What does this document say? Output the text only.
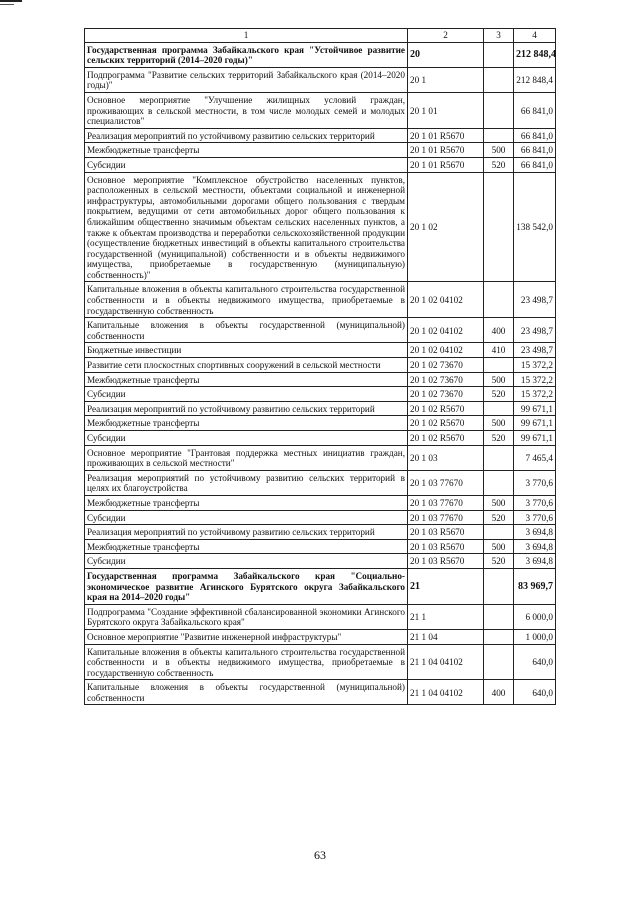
1	2	3	4
Государственная программа Забайкальского края "Устойчивое развитие сельских территорий (2014–2020 годы)"	20		212 848,4
Подпрограмма "Развитие сельских территорий Забайкальского края (2014–2020 годы)"	20 1		212 848,4
Основное мероприятие "Улучшение жилищных условий граждан, проживающих в сельской местности, в том числе молодых семей и молодых специалистов"	20 1 01		66 841,0
Реализация мероприятий по устойчивому развитию сельских территорий	20 1 01 R5670		66 841,0
Межбюджетные трансферты	20 1 01 R5670	500	66 841,0
Субсидии	20 1 01 R5670	520	66 841,0
Основное мероприятие "Комплексное обустройство населенных пунктов, расположенных в сельской местности, объектами социальной и инженерной инфраструктуры, автомобильными дорогами общего пользования с твердым покрытием, ведущими от сети автомобильных дорог общего пользования к ближайшим общественно значимым объектам сельских населенных пунктов, а также к объектам производства и переработки сельскохозяйственной продукции (осуществление бюджетных инвестиций в объекты капитального строительства государственной (муниципальной) собственности и в объекты недвижимого имущества, приобретаемые в государственную (муниципальную) собственность)"	20 1 02		138 542,0
Капитальные вложения в объекты капитального строительства государственной собственности и в объекты недвижимого имущества, приобретаемые в государственную собственность	20 1 02 04102		23 498,7
Капитальные вложения в объекты государственной (муниципальной) собственности	20 1 02 04102	400	23 498,7
Бюджетные инвестиции	20 1 02 04102	410	23 498,7
Развитие сети плоскостных спортивных сооружений в сельской местности	20 1 02 73670		15 372,2
Межбюджетные трансферты	20 1 02 73670	500	15 372,2
Субсидии	20 1 02 73670	520	15 372,2
Реализация мероприятий по устойчивому развитию сельских территорий	20 1 02 R5670		99 671,1
Межбюджетные трансферты	20 1 02 R5670	500	99 671,1
Субсидии	20 1 02 R5670	520	99 671,1
Основное мероприятие "Грантовая поддержка местных инициатив граждан, проживающих в сельской местности"	20 1 03		7 465,4
Реализация мероприятий по устойчивому развитию сельских территорий в целях их благоустройства	20 1 03 77670		3 770,6
Межбюджетные трансферты	20 1 03 77670	500	3 770,6
Субсидии	20 1 03 77670	520	3 770,6
Реализация мероприятий по устойчивому развитию сельских территорий	20 1 03 R5670		3 694,8
Межбюджетные трансферты	20 1 03 R5670	500	3 694,8
Субсидии	20 1 03 R5670	520	3 694,8
Государственная программа Забайкальского края "Социально-экономическое развитие Агинского Бурятского округа Забайкальского края на 2014–2020 годы"	21		83 969,7
Подпрограмма "Создание эффективной сбалансированной экономики Агинского Бурятского округа Забайкальского края"	21 1		6 000,0
Основное мероприятие "Развитие инженерной инфраструктуры"	21 1 04		1 000,0
Капитальные вложения в объекты капитального строительства государственной собственности и в объекты недвижимого имущества, приобретаемые в государственную собственность	21 1 04 04102		640,0
Капитальные вложения в объекты государственной (муниципальной) собственности	21 1 04 04102	400	640,0
63
